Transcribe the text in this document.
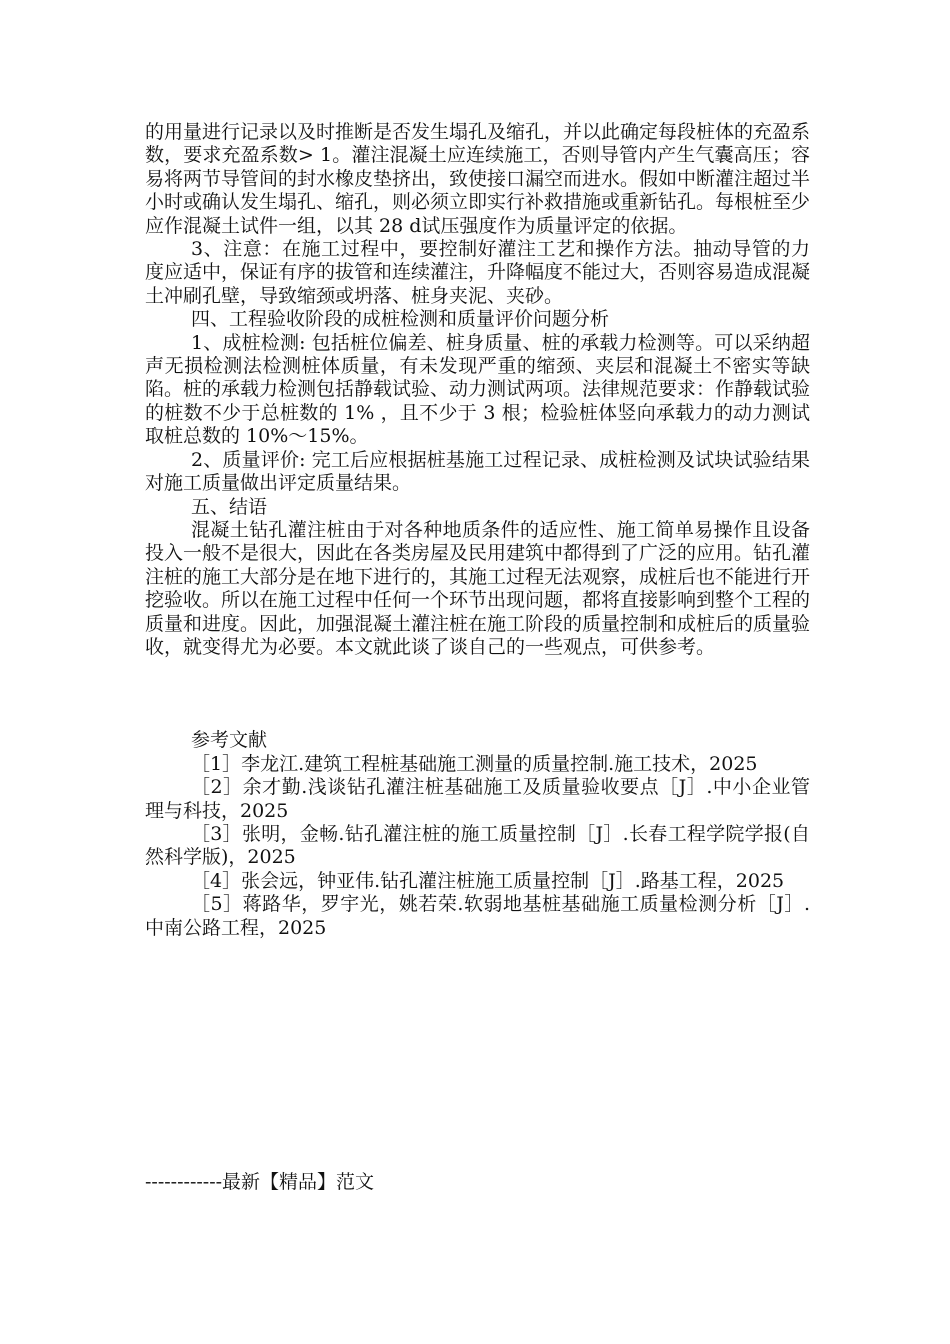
的用量进行记录以及时推断是否发生塌孔及缩孔，并以此确定每段桩体的充盈系数，要求充盈系数> 1。灌注混凝土应连续施工，否则导管内产生气囊高压；容易将两节导管间的封水橡皮垫挤出，致使接口漏空而进水。假如中断灌注超过半小时或确认发生塌孔、缩孔，则必须立即实行补救措施或重新钻孔。每根桩至少应作混凝土试件一组，以其 28 d试压强度作为质量评定的依据。

3、注意：在施工过程中，要控制好灌注工艺和操作方法。抽动导管的力度应适中，保证有序的拔管和连续灌注，升降幅度不能过大，否则容易造成混凝土冲刷孔壁，导致缩颈或坍落、桩身夹泥、夹砂。

四、工程验收阶段的成桩检测和质量评价问题分析

1、成桩检测: 包括桩位偏差、桩身质量、桩的承载力检测等。可以采纳超声无损检测法检测桩体质量，有未发现严重的缩颈、夹层和混凝土不密实等缺陷。桩的承载力检测包括静载试验、动力测试两项。法律规范要求：作静载试验的桩数不少于总桩数的 1% ，且不少于 3 根；检验桩体竖向承载力的动力测试取桩总数的 10%～15%。

2、质量评价: 完工后应根据桩基施工过程记录、成桩检测及试块试验结果对施工质量做出评定质量结果。

五、结语

混凝土钻孔灌注桩由于对各种地质条件的适应性、施工简单易操作且设备投入一般不是很大，因此在各类房屋及民用建筑中都得到了广泛的应用。钻孔灌注桩的施工大部分是在地下进行的，其施工过程无法观察，成桩后也不能进行开挖验收。所以在施工过程中任何一个环节出现问题，都将直接影响到整个工程的质量和进度。因此，加强混凝土灌注桩在施工阶段的质量控制和成桩后的质量验收，就变得尤为必要。本文就此谈了谈自己的一些观点，可供参考。

参考文献

［1］李龙江.建筑工程桩基础施工测量的质量控制.施工技术，2025

［2］余才勤.浅谈钻孔灌注桩基础施工及质量验收要点［J］.中小企业管理与科技，2025

［3］张明，金畅.钻孔灌注桩的施工质量控制［J］.长春工程学院学报(自然科学版)，2025

［4］张会远，钟亚伟.钻孔灌注桩施工质量控制［J］.路基工程，2025

［5］蒋路华，罗宇光，姚若荣.软弱地基桩基础施工质量检测分析［J］.中南公路工程，2025

------------最新【精品】范文
